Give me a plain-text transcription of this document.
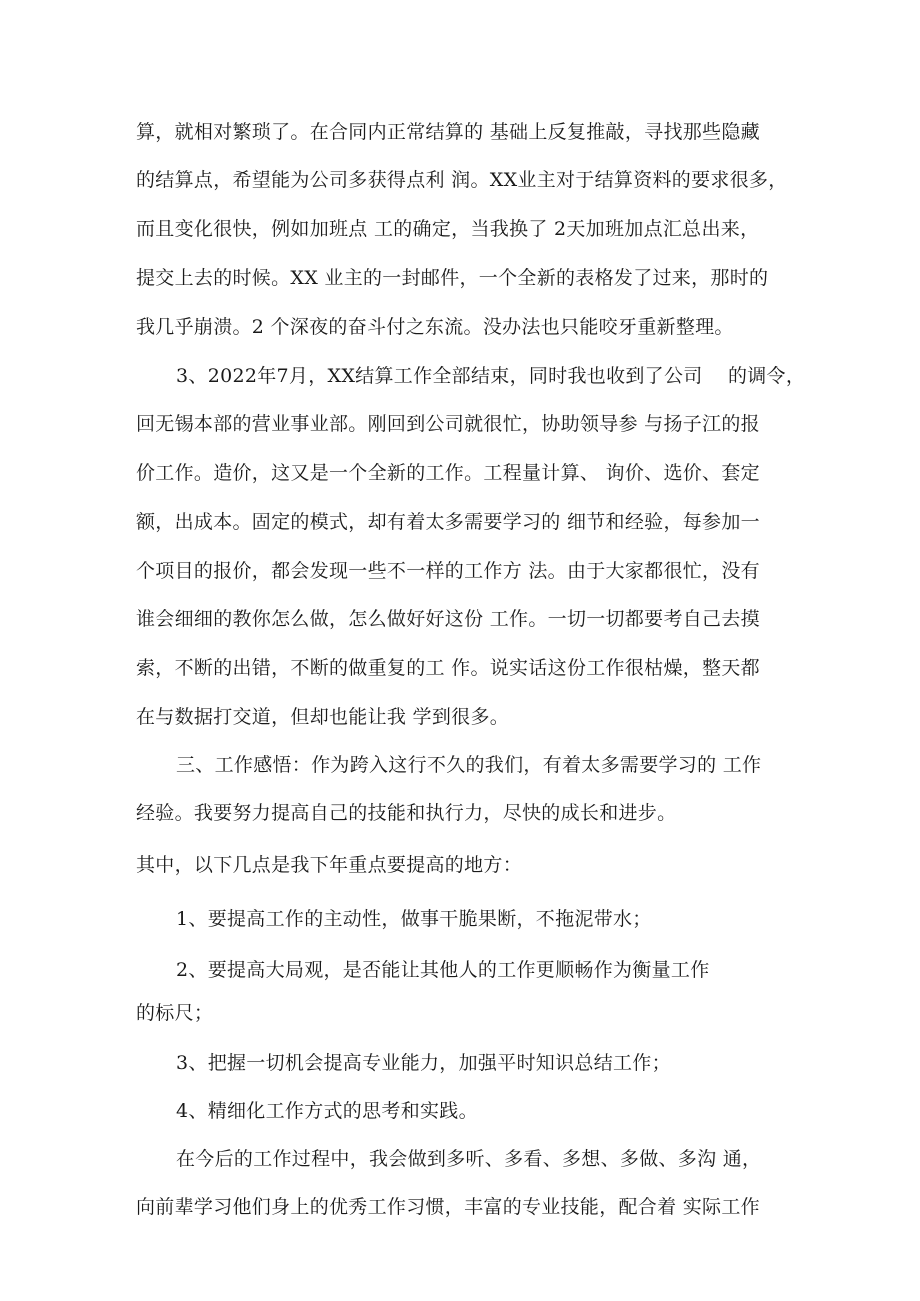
算，就相对繁琐了。在合同内正常结算的 基础上反复推敲，寻找那些隐藏
的结算点，希望能为公司多获得点利 润。XX业主对于结算资料的要求很多，
而且变化很快，例如加班点 工的确定，当我换了 2天加班加点汇总出来，
提交上去的时候。XX 业主的一封邮件，一个全新的表格发了过来，那时的
我几乎崩溃。2 个深夜的奋斗付之东流。没办法也只能咬牙重新整理。
3、2022年7月，XX结算工作全部结束，同时我也收到了公司    的调令，
回无锡本部的营业事业部。刚回到公司就很忙，协助领导参 与扬子江的报
价工作。造价，这又是一个全新的工作。工程量计算、 询价、选价、套定
额，出成本。固定的模式，却有着太多需要学习的 细节和经验，每参加一
个项目的报价，都会发现一些不一样的工作方 法。由于大家都很忙，没有
谁会细细的教你怎么做，怎么做好好这份 工作。一切一切都要考自己去摸
索，不断的出错，不断的做重复的工 作。说实话这份工作很枯燥，整天都
在与数据打交道，但却也能让我 学到很多。
三、工作感悟：作为跨入这行不久的我们，有着太多需要学习的 工作
经验。我要努力提高自己的技能和执行力，尽快的成长和进步。
其中，以下几点是我下年重点要提高的地方：
1、要提高工作的主动性，做事干脆果断，不拖泥带水；
2、要提高大局观，是否能让其他人的工作更顺畅作为衡量工作
的标尺；
3、把握一切机会提高专业能力，加强平时知识总结工作；
4、精细化工作方式的思考和实践。
在今后的工作过程中，我会做到多听、多看、多想、多做、多沟 通，
向前辈学习他们身上的优秀工作习惯，丰富的专业技能，配合着 实际工作
